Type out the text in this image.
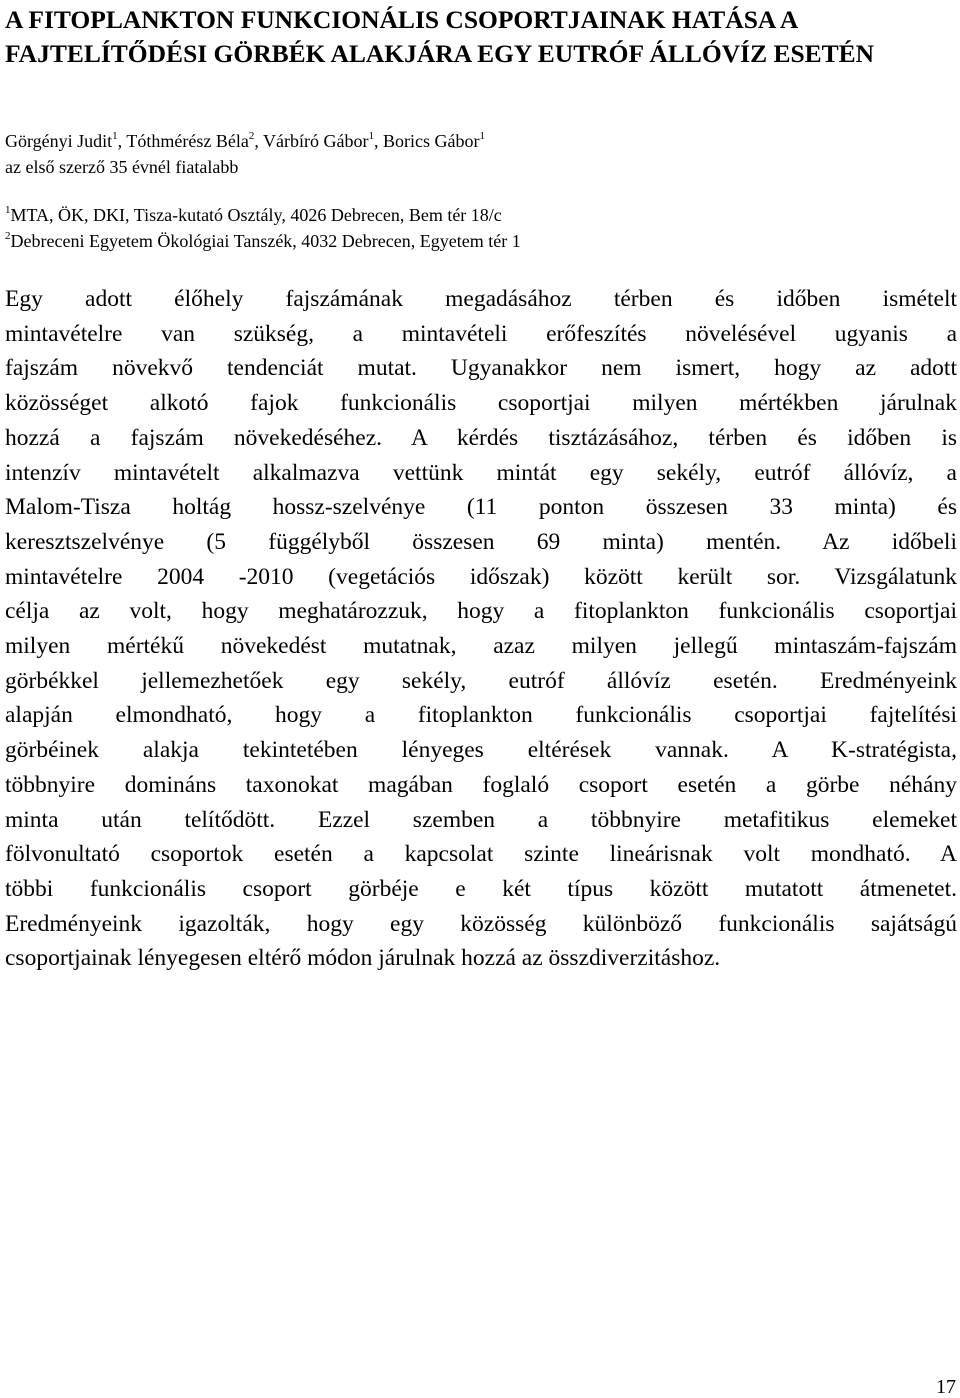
A FITOPLANKTON FUNKCIONÁLIS CSOPORTJAINAK HATÁSA A FAJTELÍTŐDÉSI GÖRBÉK ALAKJÁRA EGY EUTRÓF ÁLLÓVÍZ ESETÉN
Görgényi Judit$^1$, Tóthmérész Béla$^2$, Várbíró Gábor$^1$, Borics Gábor$^1$
az első szerző 35 évnél fiatalabb
$^1$MTA, ÖK, DKI, Tisza-kutató Osztály, 4026 Debrecen, Bem tér 18/c
$^2$Debreceni Egyetem Ökológiai Tanszék, 4032 Debrecen, Egyetem tér 1
Egy adott élőhely fajszámának megadásához térben és időben ismételt
mintavételre van szükség, a mintavételi erőfeszítés növelésével ugyanis a
fajszám növekvő tendenciát mutat. Ugyanakkor nem ismert, hogy az adott
közösséget alkotó fajok funkcionális csoportjai milyen mértékben járulnak
hozzá a fajszám növekedéséhez. A kérdés tisztázásához, térben és időben is
intenzív mintavételt alkalmazva vettünk mintát egy sekély, eutróf állóvíz, a
Malom-Tisza holtág hossz-szelvénye (11 ponton összesen 33 minta) és
keresztszelvénye (5 függélyből összesen 69 minta) mentén. Az időbeli
mintavételre 2004 -2010 (vegetációs időszak) között került sor. Vizsgálatunk
célja az volt, hogy meghatározzuk, hogy a fitoplankton funkcionális csoportjai
milyen mértékű növekedést mutatnak, azaz milyen jellegű mintaszám-fajszám
görbékkel jellemezhetőek egy sekély, eutróf állóvíz esetén. Eredményeink
alapján elmondható, hogy a fitoplankton funkcionális csoportjai fajtelítési
görbéinek alakja tekintetében lényeges eltérések vannak. A K-stratégista,
többnyire domináns taxonokat magában foglaló csoport esetén a görbe néhány
minta után telítődött. Ezzel szemben a többnyire metafitikus elemeket
fölvonultató csoportok esetén a kapcsolat szinte lineárisnak volt mondható. A
többi funkcionális csoport görbéje e két típus között mutatott átmenetet.
Eredményeink igazolták, hogy egy közösség különböző funkcionális sajátságú
csoportjainak lényegesen eltérő módon járulnak hozzá az összdiverzitáshoz.
17
